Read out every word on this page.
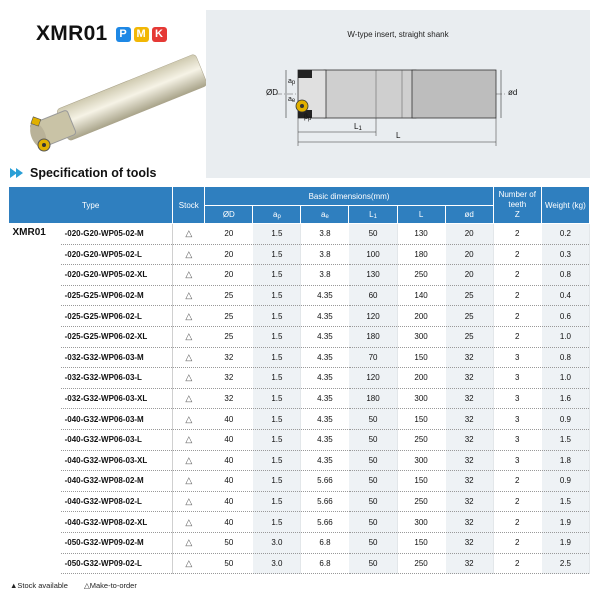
XMR01	P M K	W-type insert, straight shank
ØD
$a_p$
$a_e$
$\beta_p$
$L_1$
L
ød
Specification of tools
Type		Stock	Basic dimensions(mm)						Number of teeth
Z	Weight (kg)
			ØD	$a_p$	$a_e$	$L_1$	L	ød		
XMR01	-020-G20-WP05-02-M	△	20	1.5	3.8	50	130	20	2	0.2
	-020-G20-WP05-02-L	△	20	1.5	3.8	100	180	20	2	0.3
	-020-G20-WP05-02-XL	△	20	1.5	3.8	130	250	20	2	0.8
	-025-G25-WP06-02-M	△	25	1.5	4.35	60	140	25	2	0.4
	-025-G25-WP06-02-L	△	25	1.5	4.35	120	200	25	2	0.6
	-025-G25-WP06-02-XL	△	25	1.5	4.35	180	300	25	2	1.0
	-032-G32-WP06-03-M	△	32	1.5	4.35	70	150	32	3	0.8
	-032-G32-WP06-03-L	△	32	1.5	4.35	120	200	32	3	1.0
	-032-G32-WP06-03-XL	△	32	1.5	4.35	180	300	32	3	1.6
	-040-G32-WP06-03-M	△	40	1.5	4.35	50	150	32	3	0.9
	-040-G32-WP06-03-L	△	40	1.5	4.35	50	250	32	3	1.5
	-040-G32-WP06-03-XL	△	40	1.5	4.35	50	300	32	3	1.8
	-040-G32-WP08-02-M	△	40	1.5	5.66	50	150	32	2	0.9
	-040-G32-WP08-02-L	△	40	1.5	5.66	50	250	32	2	1.5
	-040-G32-WP08-02-XL	△	40	1.5	5.66	50	300	32	2	1.9
	-050-G32-WP09-02-M	△	50	3.0	6.8	50	150	32	2	1.9
	-050-G32-WP09-02-L	△	50	3.0	6.8	50	250	32	2	2.5
▲Stock available △Make-to-order
